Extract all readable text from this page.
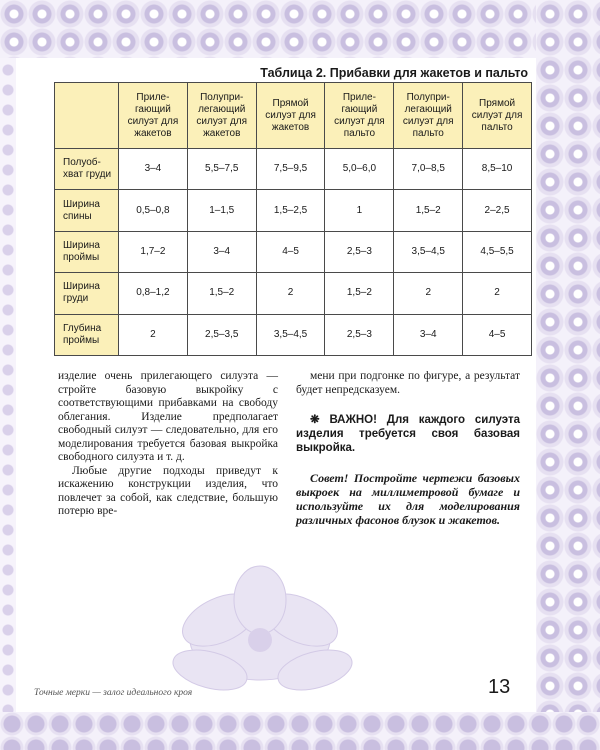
Таблица 2. Прибавки для жакетов и пальто

	Приле-
гающий
силуэт для
жакетов	Полупри-
легающий
силуэт для
жакетов	Прямой
силуэт для
жакетов	Приле-
гающий
силуэт для
пальто	Полупри-
легающий
силуэт для
пальто	Прямой
силуэт для
пальто

Полуоб-
хват груди	3–4	5,5–7,5	7,5–9,5	5,0–6,0	7,0–8,5	8,5–10

Ширина
спины	0,5–0,8	1–1,5	1,5–2,5	1	1,5–2	2–2,5

Ширина
проймы	1,7–2	3–4	4–5	2,5–3	3,5–4,5	4,5–5,5

Ширина
груди	0,8–1,2	1,5–2	2	1,5–2	2	2

Глубина
проймы	2	2,5–3,5	3,5–4,5	2,5–3	3–4	4–5

изделие очень прилегающего силуэта — стройте базовую выкройку с соответствующими прибавками на свободу облегания. Изделие предполагает свободный силуэт — следовательно, для его моделирования требуется базовая выкройка свободного силуэта и т. д.

Любые другие подходы приведут к искажению конструкции изделия, что повлечет за собой, как следствие, большую потерю вре-

мени при подгонке по фигуре, а результат будет непредсказуем.

❋ ВАЖНО! Для каждого силуэта изделия требуется своя базовая выкройка.

Совет! Постройте чертежи базовых выкроек на миллиметровой бумаге и используйте их для моделирования различных фасонов блузок и жакетов.

Точные мерки — залог идеального кроя	13
